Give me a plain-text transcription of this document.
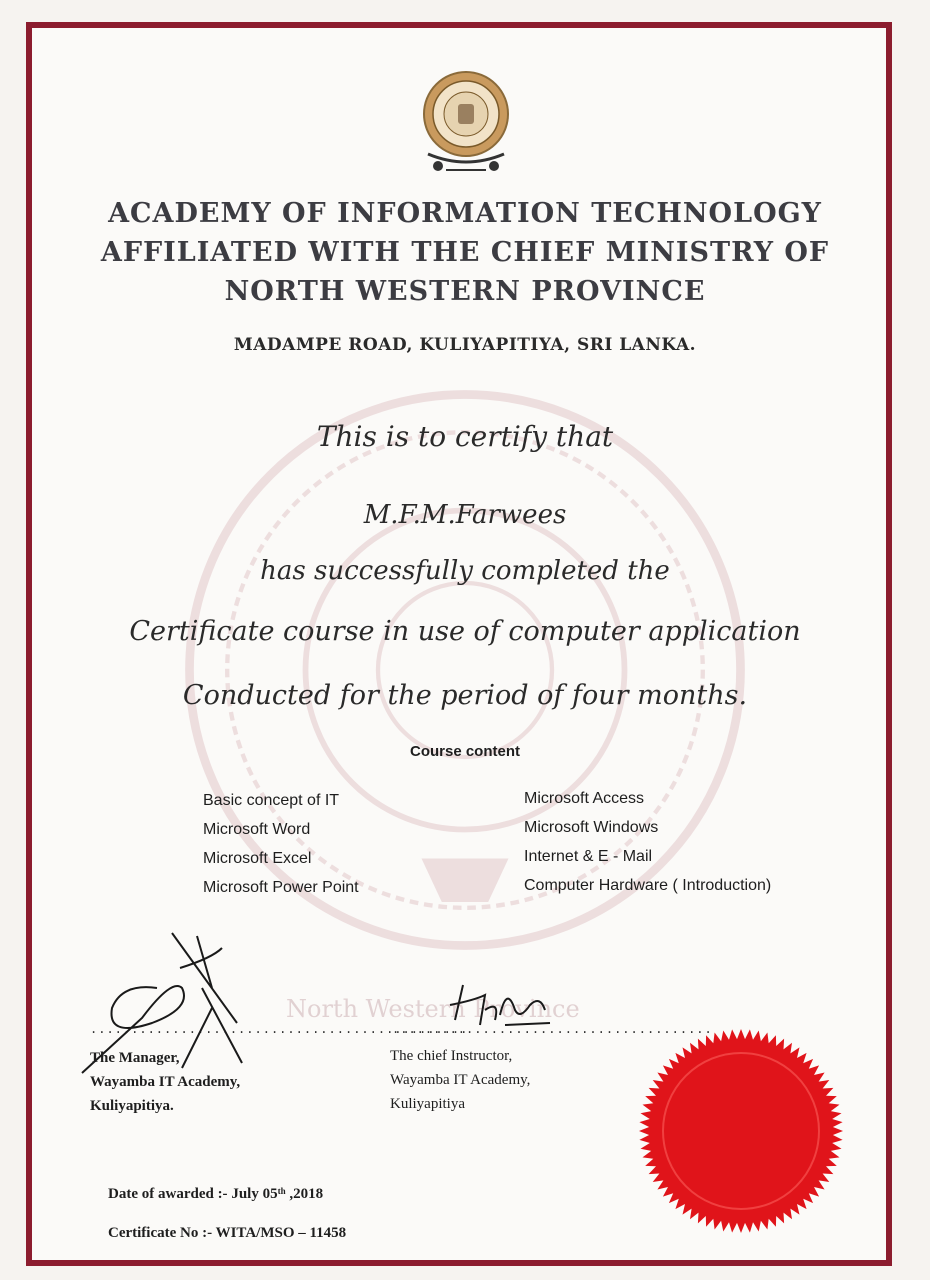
North Western Province
ACADEMY OF INFORMATION TECHNOLOGY
AFFILIATED WITH THE CHIEF MINISTRY OF
NORTH WESTERN PROVINCE
MADAMPE ROAD, KULIYAPITIYA, SRI LANKA.
This is to certify that
M.F.M.Farwees
has successfully completed the
Certificate course in use of computer application
Conducted for the period of four months.
Course content
Basic concept of IT
Microsoft Word
Microsoft Excel
Microsoft Power Point
Microsoft Access
Microsoft Windows
Internet & E - Mail
Computer Hardware ( Introduction)
..............................................
.......................................
The Manager,
Wayamba IT Academy,
Kuliyapitiya.
The chief Instructor,
Wayamba IT Academy,
Kuliyapitiya
Date of awarded :- July 05ᵗʰ ,2018
Certificate No :- WITA/MSO – 11458
